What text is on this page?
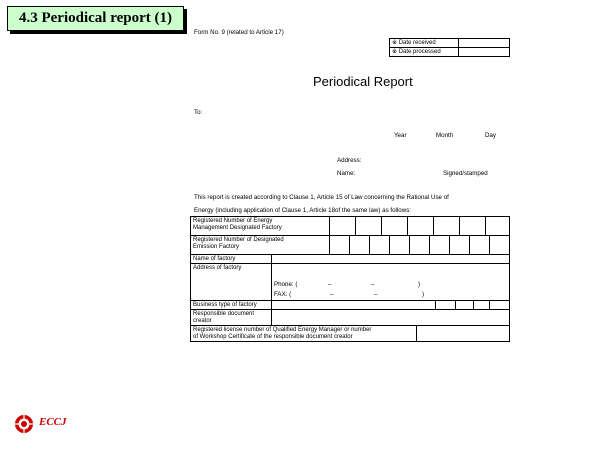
4.3 Periodical report (1)
Form No. 9 (related to Article 17)
※ Date received	
※ Date processed	
Periodical Report
To:
Year	Month	Day
Address:
Name:	Signed/stamped
This report is created according to Clause 1, Article 15 of Law concerning the Rational Use of
Energy (including application of Clause 1, Article 18of the same law) as follows:
Registered Number of Energy
Management Designated Factory
Registered Number of Designated
Emission Factory
Name of factory
Address of factory
Phone: (	–	–	)
FAX: (	–	–	)
Business type of factory
Responsible document
creator
Registered license number of Qualified Energy Manager or number
of Workshop Certificate of the responsible document creator
ECCJ
